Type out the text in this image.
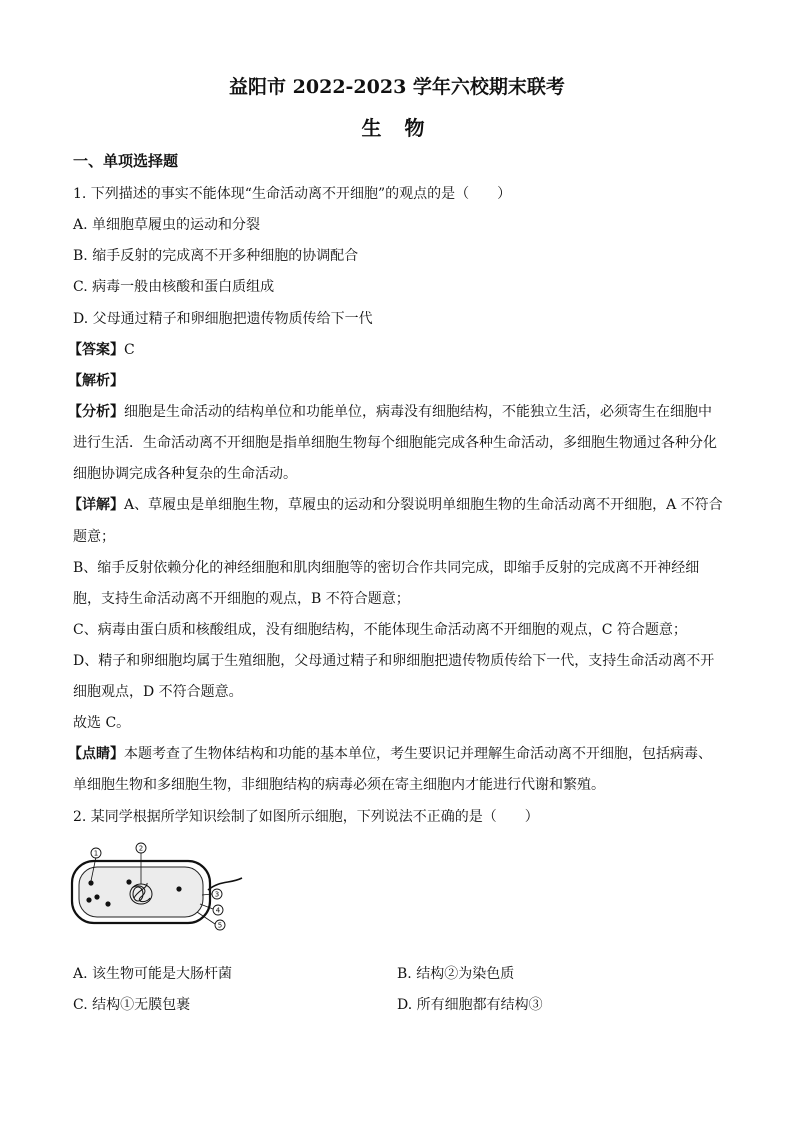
益阳市 2022-2023 学年六校期末联考
生 物
一、单项选择题
1. 下列描述的事实不能体现“生命活动离不开细胞”的观点的是（　　）
A. 单细胞草履虫的运动和分裂
B. 缩手反射的完成离不开多种细胞的协调配合
C. 病毒一般由核酸和蛋白质组成
D. 父母通过精子和卵细胞把遗传物质传给下一代
【答案】C
【解析】
【分析】细胞是生命活动的结构单位和功能单位，病毒没有细胞结构，不能独立生活，必须寄生在细胞中
进行生活．生命活动离不开细胞是指单细胞生物每个细胞能完成各种生命活动，多细胞生物通过各种分化
细胞协调完成各种复杂的生命活动。
【详解】A、草履虫是单细胞生物，草履虫的运动和分裂说明单细胞生物的生命活动离不开细胞，A 不符合
题意；
B、缩手反射依赖分化的神经细胞和肌肉细胞等的密切合作共同完成，即缩手反射的完成离不开神经细
胞，支持生命活动离不开细胞的观点，B 不符合题意；
C、病毒由蛋白质和核酸组成，没有细胞结构，不能体现生命活动离不开细胞的观点，C 符合题意；
D、精子和卵细胞均属于生殖细胞，父母通过精子和卵细胞把遗传物质传给下一代，支持生命活动离不开
细胞观点，D 不符合题意。
故选 C。
【点睛】本题考查了生物体结构和功能的基本单位，考生要识记并理解生命活动离不开细胞，包括病毒、
单细胞生物和多细胞生物，非细胞结构的病毒必须在寄主细胞内才能进行代谢和繁殖。
2. 某同学根据所学知识绘制了如图所示细胞，下列说法不正确的是（　　）
1
2
3
4
5
A. 该生物可能是大肠杆菌	B. 结构②为染色质
C. 结构①无膜包裹	D. 所有细胞都有结构③
